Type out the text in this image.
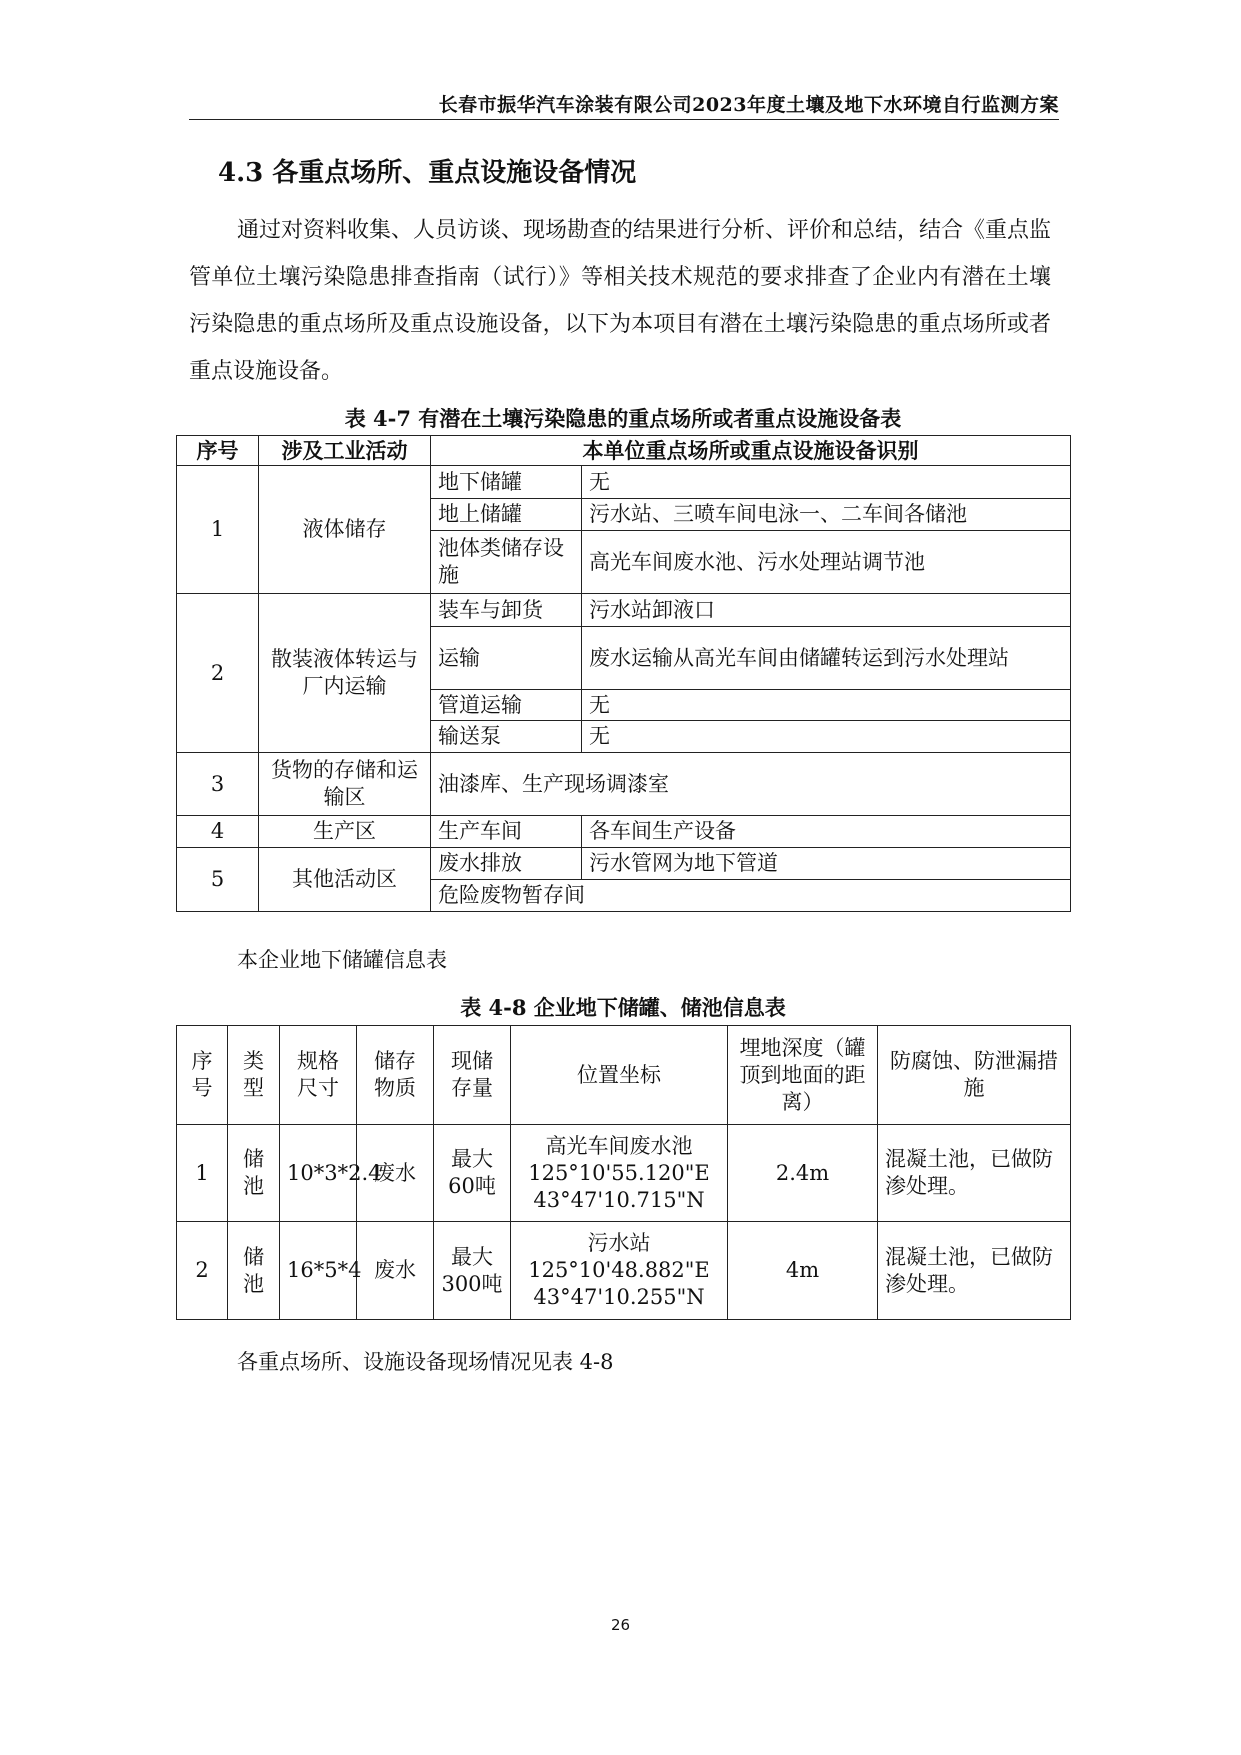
长春市振华汽车涂装有限公司2023年度土壤及地下水环境自行监测方案
4.3 各重点场所、重点设施设备情况
通过对资料收集、人员访谈、现场勘查的结果进行分析、评价和总结，结合《重点监管单位土壤污染隐患排查指南（试行）》等相关技术规范的要求排查了企业内有潜在土壤污染隐患的重点场所及重点设施设备，以下为本项目有潜在土壤污染隐患的重点场所或者重点设施设备。
表 4-7 有潜在土壤污染隐患的重点场所或者重点设施设备表
序号	涉及工业活动	本单位重点场所或重点设施设备识别	
1	液体储存	地下储罐	无
		地上储罐	污水站、三喷车间电泳一、二车间各储池
		池体类储存设施	高光车间废水池、污水处理站调节池
2	散装液体转运与厂内运输	装车与卸货	污水站卸液口
		运输	废水运输从高光车间由储罐转运到污水处理站
		管道运输	无
		输送泵	无
3	货物的存储和运输区	油漆库、生产现场调漆室	
4	生产区	生产车间	各车间生产设备
5	其他活动区	废水排放	污水管网为地下管道
		危险废物暂存间	
本企业地下储罐信息表
表 4-8 企业地下储罐、储池信息表
序号	类型	规格尺寸	储存物质	现储存量	位置坐标	埋地深度（罐顶到地面的距离）	防腐蚀、防泄漏措施
1	储池	10*3*2.4	废水	最大60吨	高光车间废水池
125°10'55.120"E
43°47'10.715"N	2.4m	混凝土池，已做防渗处理。
2	储池	16*5*4	废水	最大300吨	污水站
125°10'48.882"E
43°47'10.255"N	4m	混凝土池，已做防渗处理。
各重点场所、设施设备现场情况见表 4-8
26
